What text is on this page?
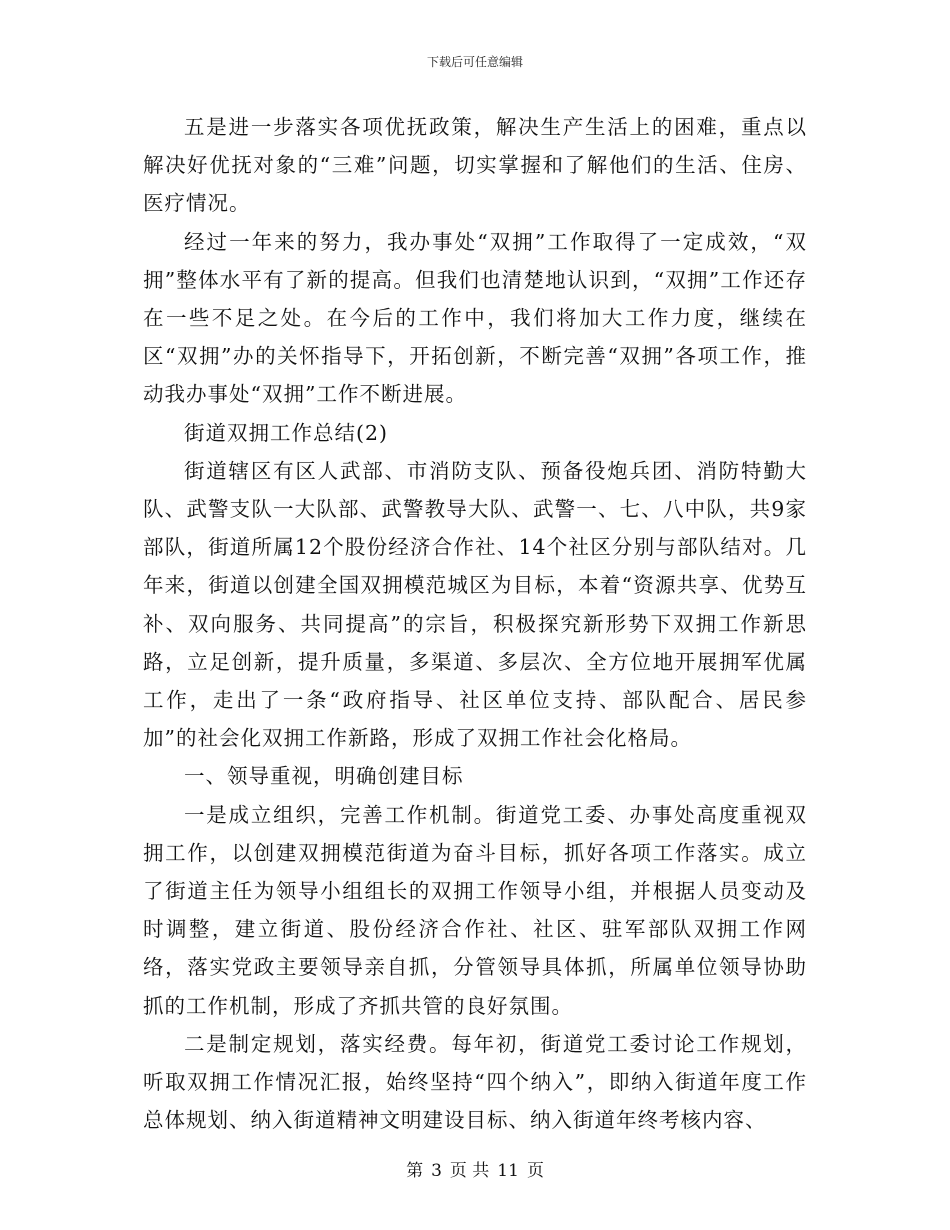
下载后可任意编辑

五是进一步落实各项优抚政策，解决生产生活上的困难，重点以解决好优抚对象的“三难”问题，切实掌握和了解他们的生活、住房、医疗情况。

经过一年来的努力，我办事处“双拥”工作取得了一定成效，“双拥”整体水平有了新的提高。但我们也清楚地认识到，“双拥”工作还存在一些不足之处。在今后的工作中，我们将加大工作力度，继续在区“双拥”办的关怀指导下，开拓创新，不断完善“双拥”各项工作，推动我办事处“双拥”工作不断进展。

街道双拥工作总结(2)

街道辖区有区人武部、市消防支队、预备役炮兵团、消防特勤大队、武警支队一大队部、武警教导大队、武警一、七、八中队，共9家部队，街道所属12个股份经济合作社、14个社区分别与部队结对。几年来，街道以创建全国双拥模范城区为目标，本着“资源共享、优势互补、双向服务、共同提高”的宗旨，积极探究新形势下双拥工作新思路，立足创新，提升质量，多渠道、多层次、全方位地开展拥军优属工作，走出了一条“政府指导、社区单位支持、部队配合、居民参加”的社会化双拥工作新路，形成了双拥工作社会化格局。

一、领导重视，明确创建目标

一是成立组织，完善工作机制。街道党工委、办事处高度重视双拥工作，以创建双拥模范街道为奋斗目标，抓好各项工作落实。成立了街道主任为领导小组组长的双拥工作领导小组，并根据人员变动及时调整，建立街道、股份经济合作社、社区、驻军部队双拥工作网络，落实党政主要领导亲自抓，分管领导具体抓，所属单位领导协助抓的工作机制，形成了齐抓共管的良好氛围。

二是制定规划，落实经费。每年初，街道党工委讨论工作规划，听取双拥工作情况汇报，始终坚持“四个纳入”，即纳入街道年度工作总体规划、纳入街道精神文明建设目标、纳入街道年终考核内容、

第 3 页 共 11 页
